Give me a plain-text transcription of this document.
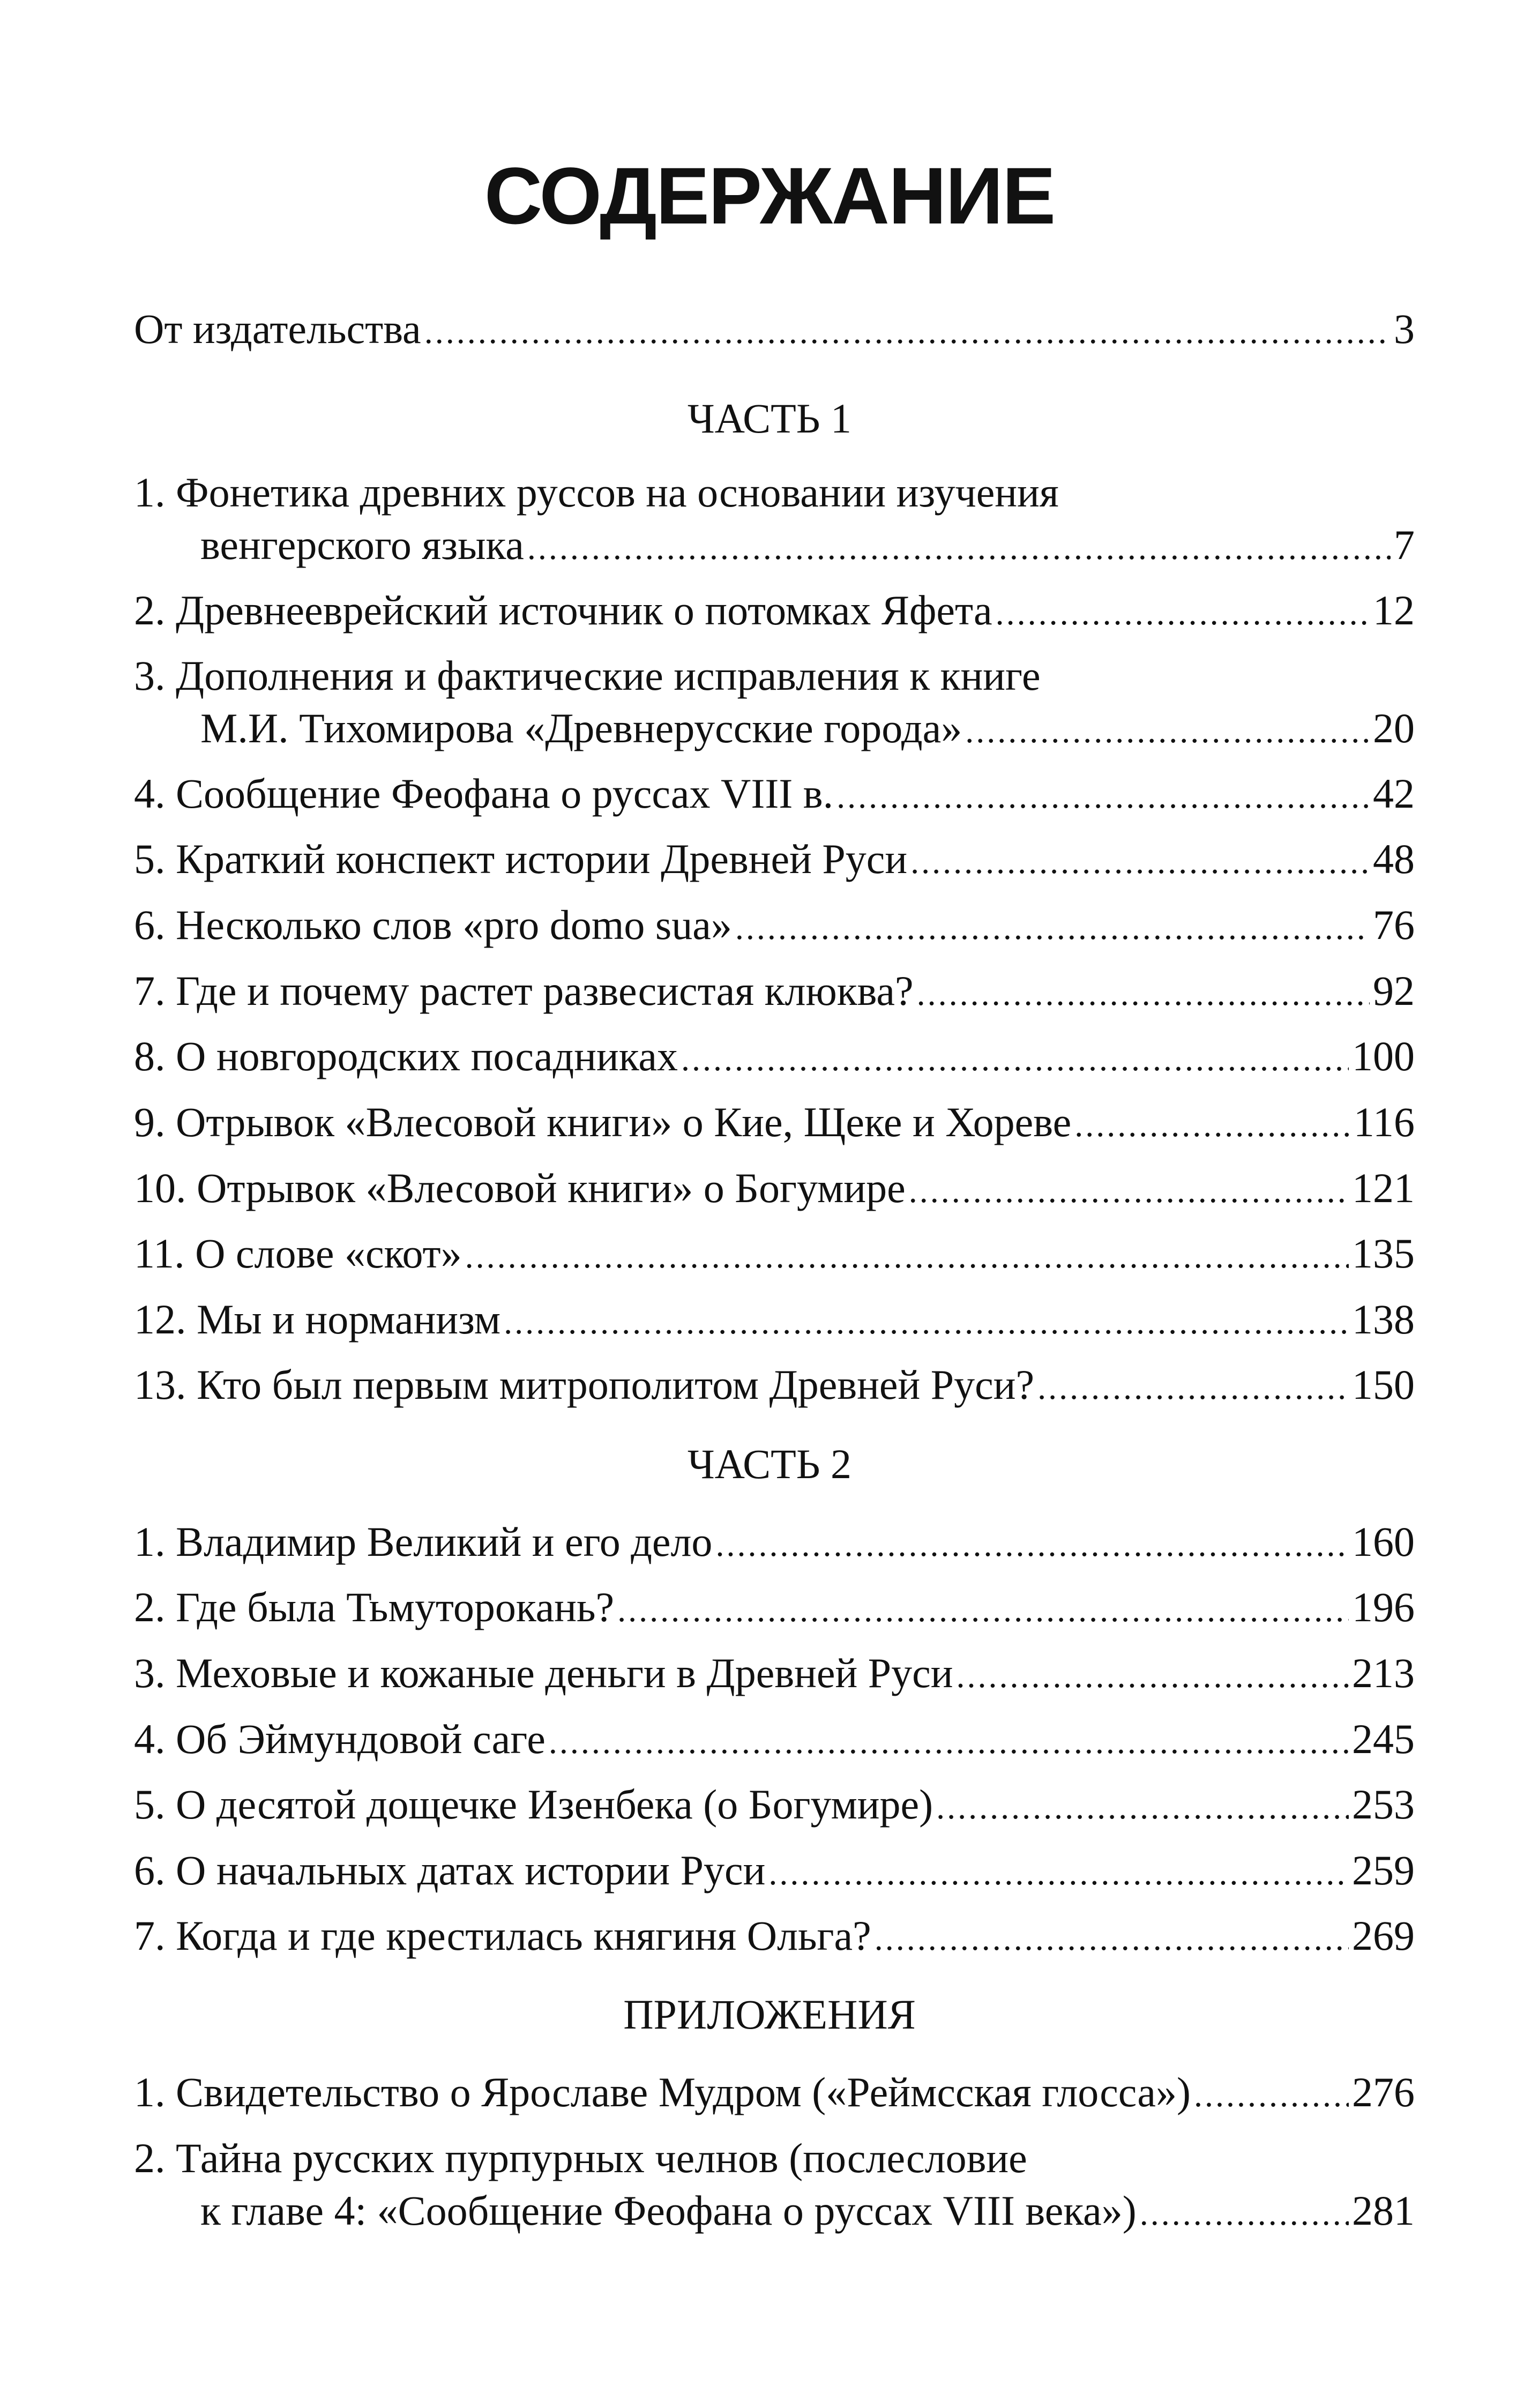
СОДЕРЖАНИЕ
От издательства .....	3
ЧАСТЬ 1
1. Фонетика древних руссов на основании изучения
венгерского языка .....	7
2. Древнееврейский источник о потомках Яфета .....	12
3. Дополнения и фактические исправления к книге
М.И. Тихомирова «Древнерусские города» .....	20
4. Сообщение Феофана о руссах VIII в. .....	42
5. Краткий конспект истории Древней Руси .....	48
6. Несколько слов «pro domo sua» .....	76
7. Где и почему растет развесистая клюква? .....	92
8. О новгородских посадниках .....	100
9. Отрывок «Влесовой книги» о Кие, Щеке и Хореве .....	116
10. Отрывок «Влесовой книги» о Богумире .....	121
11. О слове «скот» .....	135
12. Мы и норманизм .....	138
13. Кто был первым митрополитом Древней Руси? .....	150
ЧАСТЬ 2
1. Владимир Великий и его дело .....	160
2. Где была Тьмуторокань? .....	196
3. Меховые и кожаные деньги в Древней Руси .....	213
4. Об Эймундовой саге .....	245
5. О десятой дощечке Изенбека (о Богумире) .....	253
6. О начальных датах истории Руси .....	259
7. Когда и где крестилась княгиня Ольга? .....	269
ПРИЛОЖЕНИЯ
1. Свидетельство о Ярославе Мудром («Реймсская глосса») .....	276
2. Тайна русских пурпурных челнов (послесловие
к главе 4: «Сообщение Феофана о руссах VIII века») .....	281
